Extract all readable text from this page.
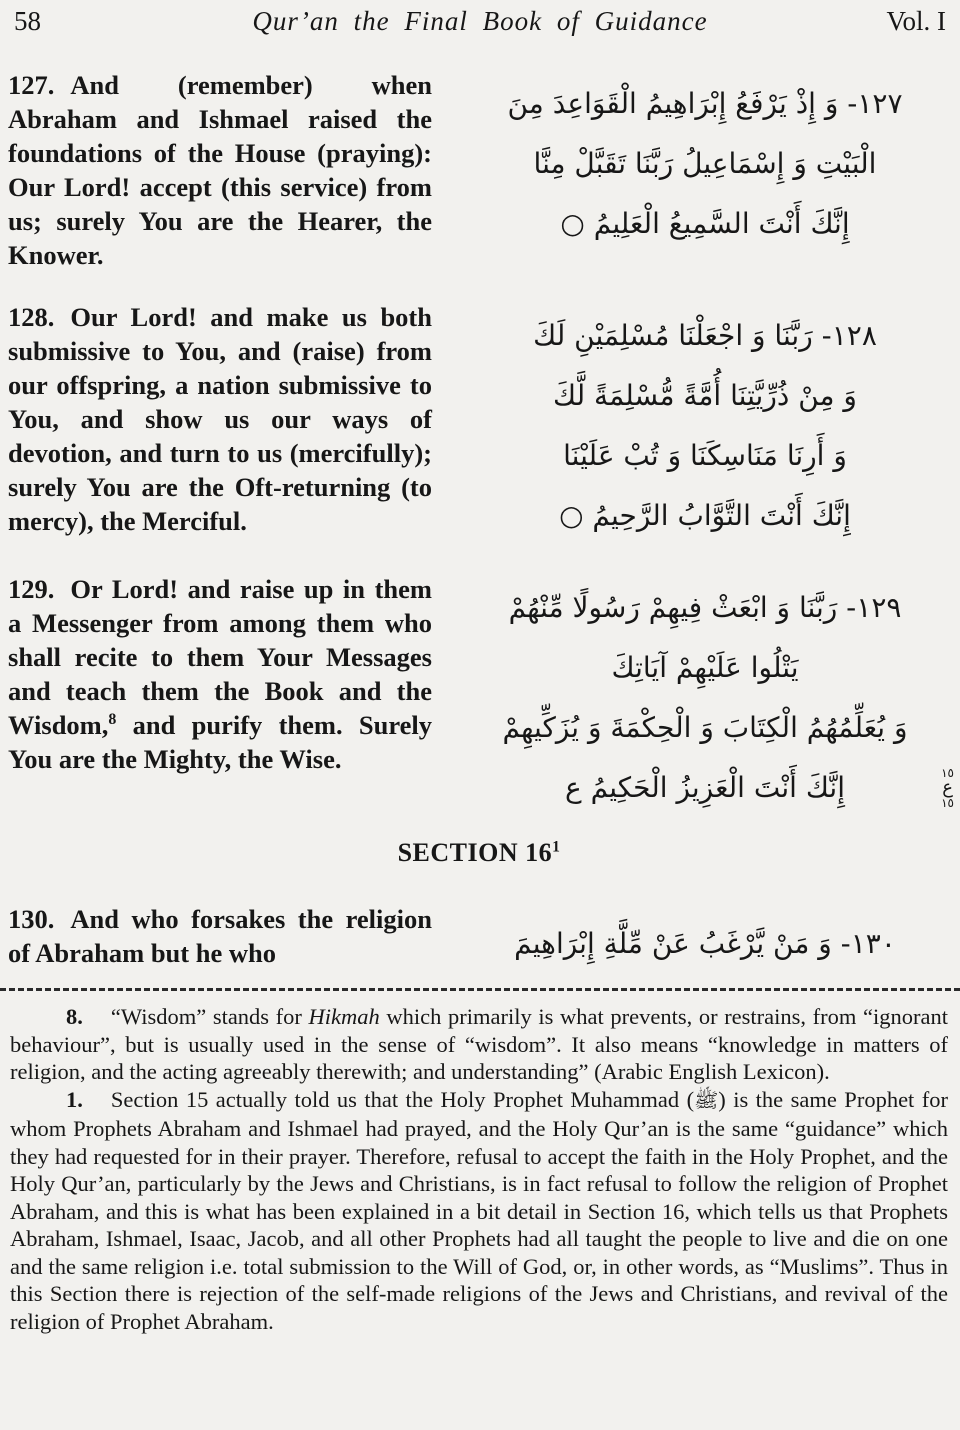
58	Qur’an the Final Book of Guidance	Vol. I

127. And (remember) when Abraham and Ishmael raised the foundations of the House (praying): Our Lord! accept (this service) from us; surely You are the Hearer, the Knower.

١٢٧- وَ إِذْ يَرْفَعُ إِبْرَاهِيمُ الْقَوَاعِدَ مِنَ
الْبَيْتِ وَ إِسْمَاعِيلُ رَبَّنَا تَقَبَّلْ مِنَّا
إِنَّكَ أَنْتَ السَّمِيعُ الْعَلِيمُ ○

128. Our Lord! and make us both submissive to You, and (raise) from our offspring, a nation submissive to You, and show us our ways of devotion, and turn to us (mercifully); surely You are the Oft-returning (to mercy), the Merciful.

١٢٨- رَبَّنَا وَ اجْعَلْنَا مُسْلِمَيْنِ لَكَ
وَ مِنْ ذُرِّيَّتِنَا أُمَّةً مُّسْلِمَةً لَّكَ
وَ أَرِنَا مَنَاسِكَنَا وَ تُبْ عَلَيْنَا
إِنَّكَ أَنْتَ التَّوَّابُ الرَّحِيمُ ○

129. Or Lord! and raise up in them a Messenger from among them who shall recite to them Your Messages and teach them the Book and the Wisdom,$^8$ and purify them. Surely You are the Mighty, the Wise.

١٢٩- رَبَّنَا وَ ابْعَثْ فِيهِمْ رَسُولًا مِّنْهُمْ
يَتْلُوا عَلَيْهِمْ آيَاتِكَ
وَ يُعَلِّمُهُمُ الْكِتَابَ وَ الْحِكْمَةَ وَ يُزَكِّيهِمْ
إِنَّكَ أَنْتَ الْعَزِيزُ الْحَكِيمُ ع	١٥
ع
١٥
SECTION $16^1$

130. And who forsakes the religion of Abraham but he who	١٣٠- وَ مَنْ يَّرْغَبُ عَنْ مِّلَّةِ إِبْرَاهِيمَ

8. “Wisdom” stands for Hikmah which primarily is what prevents, or restrains, from “ignorant behaviour”, but is usually used in the sense of “wisdom”. It also means “knowledge in matters of religion, and the acting agreeably therewith; and understanding” (Arabic English Lexicon).

1. Section 15 actually told us that the Holy Prophet Muhammad (ﷺ) is the same Prophet for whom Prophets Abraham and Ishmael had prayed, and the Holy Qur’an is the same “guidance” which they had requested for in their prayer. Therefore, refusal to accept the faith in the Holy Prophet, and the Holy Qur’an, particularly by the Jews and Christians, is in fact refusal to follow the religion of Prophet Abraham, and this is what has been explained in a bit detail in Section 16, which tells us that Prophets Abraham, Ishmael, Isaac, Jacob, and all other Prophets had all taught the people to live and die on one and the same religion i.e. total submission to the Will of God, or, in other words, as “Muslims”. Thus in this Section there is rejection of the self-made religions of the Jews and Christians, and revival of the religion of Prophet Abraham.
